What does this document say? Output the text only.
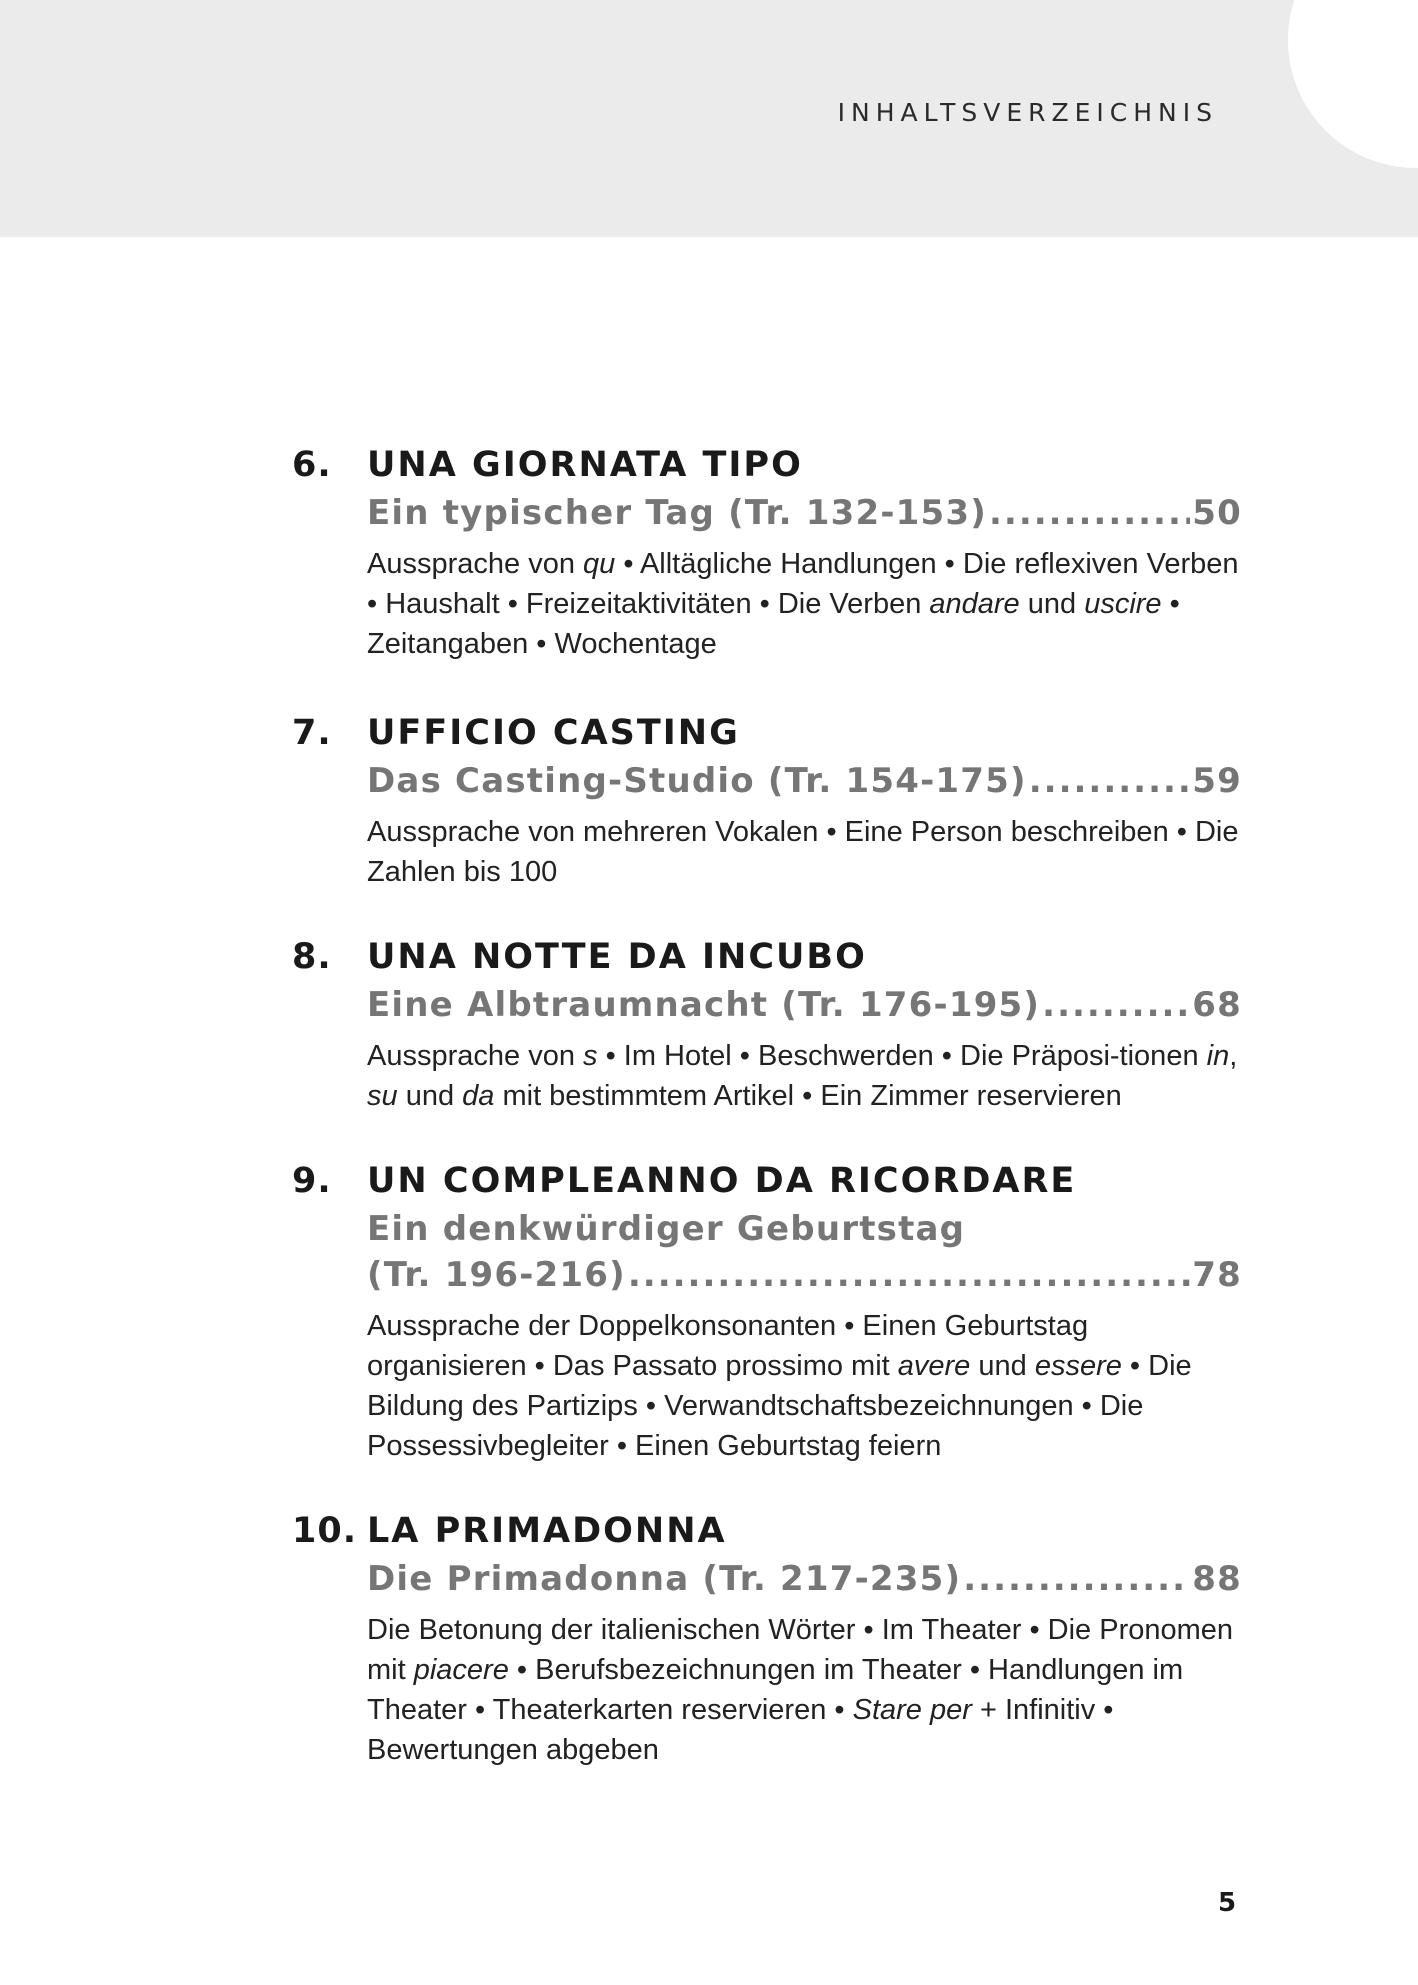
INHALTSVERZEICHNIS
6. UNA GIORNATA TIPO
Ein typischer Tag (Tr. 132-153) .....	50
Aussprache von qu • Alltägliche Handlungen • Die reflexiven Verben • Haushalt • Freizeitaktivitäten • Die Verben andare und uscire • Zeitangaben • Wochentage
7. UFFICIO CASTING
Das Casting-Studio (Tr. 154-175) .....	59
Aussprache von mehreren Vokalen • Eine Person beschreiben • Die Zahlen bis 100
8. UNA NOTTE DA INCUBO
Eine Albtraumnacht (Tr. 176-195) .....	68
Aussprache von s • Im Hotel • Beschwerden • Die Präposi-tionen in, su und da mit bestimmtem Artikel • Ein Zimmer reservieren
9. UN COMPLEANNO DA RICORDARE
Ein denkwürdiger Geburtstag
(Tr. 196-216) .....	78
Aussprache der Doppelkonsonanten • Einen Geburtstag organisieren • Das Passato prossimo mit avere und essere • Die Bildung des Partizips • Verwandtschaftsbezeichnungen • Die Possessivbegleiter • Einen Geburtstag feiern
10. LA PRIMADONNA
Die Primadonna (Tr. 217-235) .....	88
Die Betonung der italienischen Wörter • Im Theater • Die Pronomen mit piacere • Berufsbezeichnungen im Theater • Handlungen im Theater • Theaterkarten reservieren • Stare per + Infinitiv • Bewertungen abgeben
5
